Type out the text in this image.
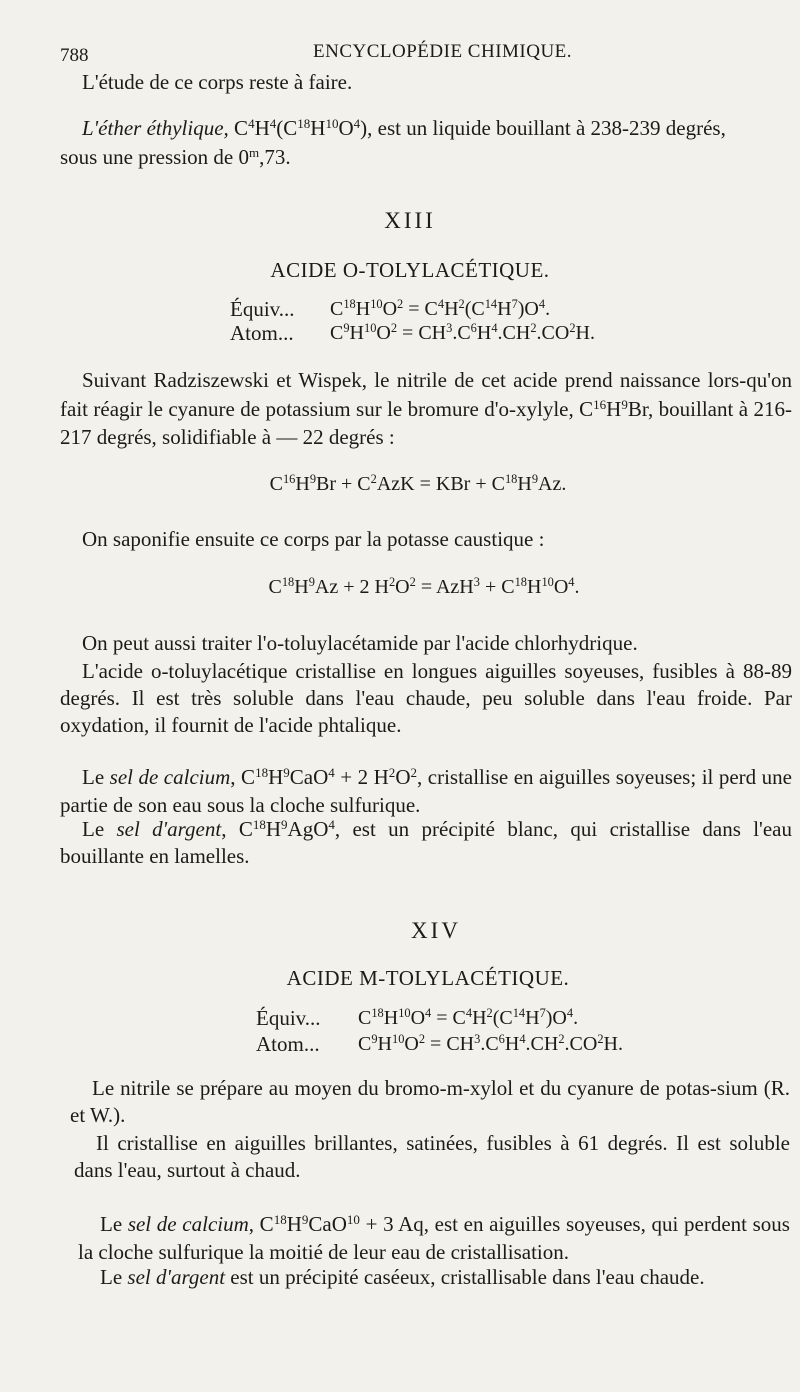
788	ENCYCLOPÉDIE CHIMIQUE.
L'étude de ce corps reste à faire.
L'éther éthylique, $C^4H^4(C^{18}H^{10}O^4)$, est un liquide bouillant à 238-239 degrés,
sous une pression de 0$^m$,73.
XIII
ACIDE O-TOLYLACÉTIQUE.
Équiv... $C^{18}H^{10}O^2 = C^4H^2(C^{14}H^7)O^4$.
Atom... $C^9H^{10}O^2 = CH^3.C^6H^4.CH^2.CO^2H$.
Suivant Radziszewski et Wispek, le nitrile de cet acide prend naissance lors-qu'on fait réagir le cyanure de potassium sur le bromure d'o-xylyle, $C^{16}H^9Br$, bouillant à 216-217 degrés, solidifiable à — 22 degrés :
$C^{16}H^9Br + C^2AzK$ = KBr + $C^{18}H^9Az$.
On saponifie ensuite ce corps par la potasse caustique :
$C^{18}H^9Az + 2$ $H^2O^2 = AzH^3 + C^{18}H^{10}O^4$.
On peut aussi traiter l'o-toluylacétamide par l'acide chlorhydrique.
L'acide o-toluylacétique cristallise en longues aiguilles soyeuses, fusibles à 88-89 degrés. Il est très soluble dans l'eau chaude, peu soluble dans l'eau froide. Par oxydation, il fournit de l'acide phtalique.
Le sel de calcium, $C^{18}H^9CaO^4 + 2$ $H^2O^2$, cristallise en aiguilles soyeuses; il perd une partie de son eau sous la cloche sulfurique.
Le sel d'argent, $C^{18}H^9AgO^4$, est un précipité blanc, qui cristallise dans l'eau bouillante en lamelles.
XIV
ACIDE M-TOLYLACÉTIQUE.
Équiv... $C^{18}H^{10}O^4 = C^4H^2(C^{14}H^7)O^4$.
Atom... $C^9H^{10}O^2 = CH^3.C^6H^4.CH^2.CO^2H$.
Le nitrile se prépare au moyen du bromo-m-xylol et du cyanure de potas-sium (R. et W.).
Il cristallise en aiguilles brillantes, satinées, fusibles à 61 degrés. Il est soluble dans l'eau, surtout à chaud.
Le sel de calcium, $C^{18}H^9CaO^{10} + 3$ Aq, est en aiguilles soyeuses, qui perdent sous la cloche sulfurique la moitié de leur eau de cristallisation.
Le sel d'argent est un précipité caséeux, cristallisable dans l'eau chaude.
